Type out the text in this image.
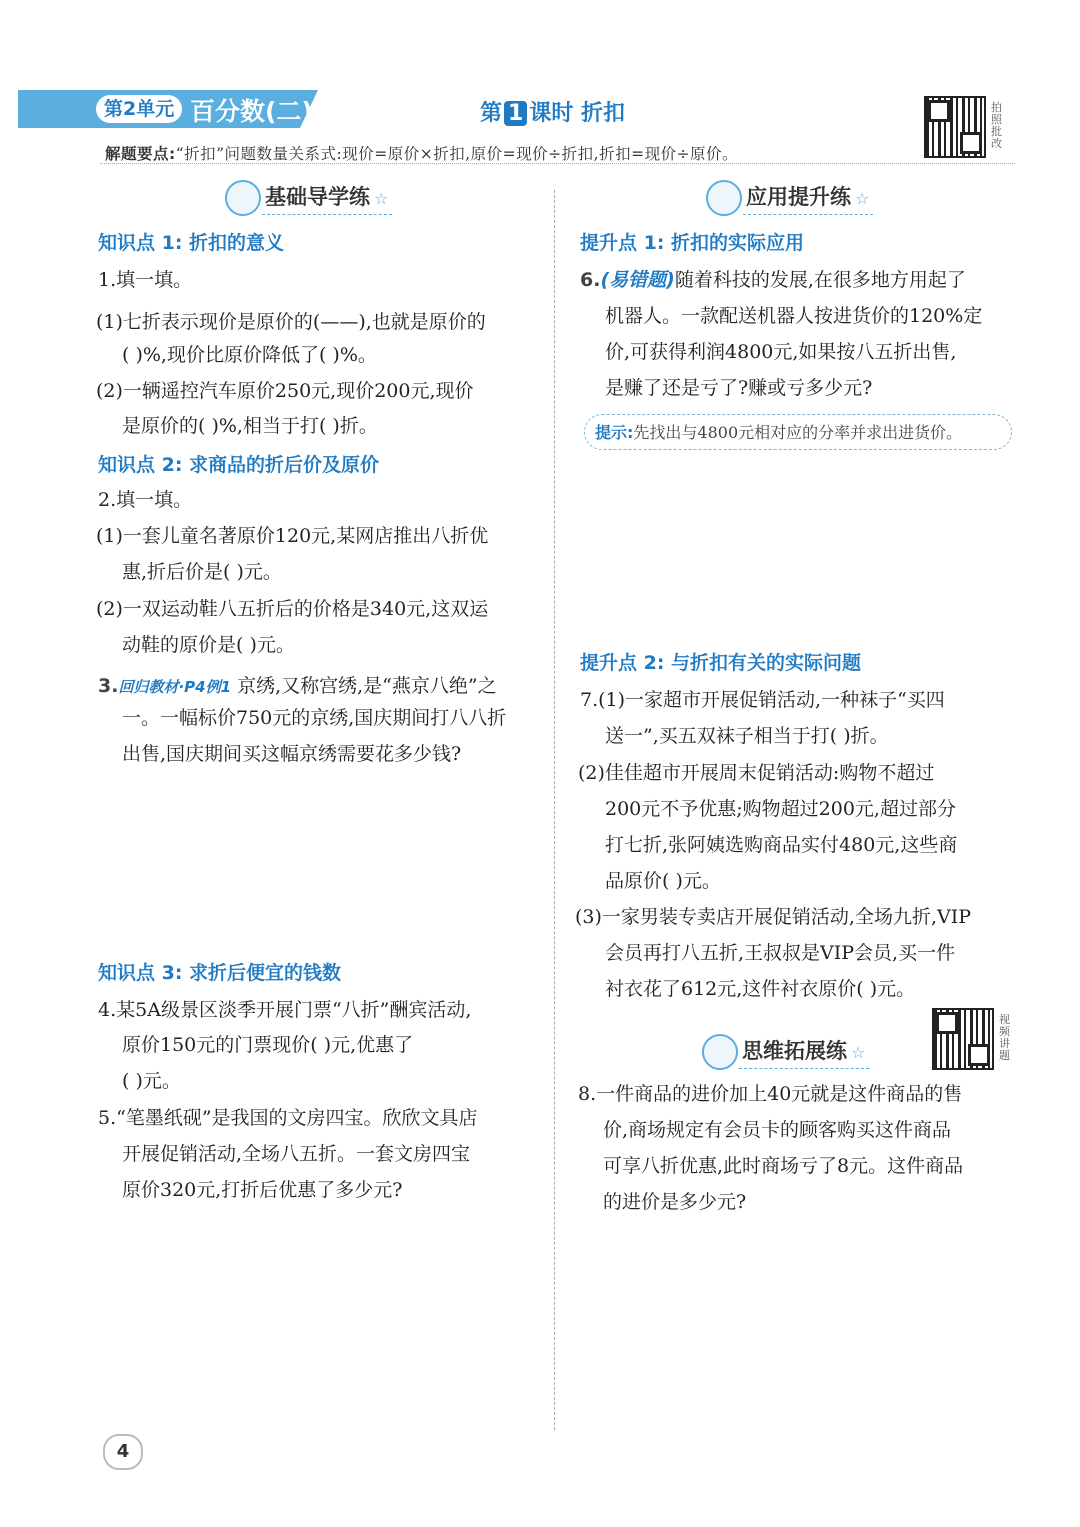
第2单元 百分数(二)	第 1 课时 折扣	拍照批改
解题要点:“折扣”问题数量关系式:现价=原价×折扣,原价=现价÷折扣,折扣=现价÷原价。
基础导学练 ☆
知识点 1: 折扣的意义
1.填一填。
(1)七折表示现价是原价的(——),也就是原价的
( )%,现价比原价降低了( )%。
(2)一辆遥控汽车原价250元,现价200元,现价
是原价的( )%,相当于打( )折。
知识点 2: 求商品的折后价及原价
2.填一填。
(1)一套儿童名著原价120元,某网店推出八折优
惠,折后价是( )元。
(2)一双运动鞋八五折后的价格是340元,这双运
动鞋的原价是( )元。
3.回归教材·P4例1 京绣,又称宫绣,是“燕京八绝”之
一。一幅标价750元的京绣,国庆期间打八八折
出售,国庆期间买这幅京绣需要花多少钱?
知识点 3: 求折后便宜的钱数
4.某5A级景区淡季开展门票“八折”酬宾活动,
原价150元的门票现价( )元,优惠了
( )元。
5.“笔墨纸砚”是我国的文房四宝。欣欣文具店
开展促销活动,全场八五折。一套文房四宝
原价320元,打折后优惠了多少元?
应用提升练 ☆
提升点 1: 折扣的实际应用
6.(易错题)随着科技的发展,在很多地方用起了
机器人。一款配送机器人按进货价的120%定
价,可获得利润4800元,如果按八五折出售,
是赚了还是亏了?赚或亏多少元?
提示:先找出与4800元相对应的分率并求出进货价。
提升点 2: 与折扣有关的实际问题
7.(1)一家超市开展促销活动,一种袜子“买四
送一”,买五双袜子相当于打( )折。
(2)佳佳超市开展周末促销活动:购物不超过
200元不予优惠;购物超过200元,超过部分
打七折,张阿姨选购商品实付480元,这些商
品原价( )元。
(3)一家男装专卖店开展促销活动,全场九折,VIP
会员再打八五折,王叔叔是VIP会员,买一件
衬衣花了612元,这件衬衣原价( )元。
视频讲题
思维拓展练 ☆
8.一件商品的进价加上40元就是这件商品的售
价,商场规定有会员卡的顾客购买这件商品
可享八折优惠,此时商场亏了8元。这件商品
的进价是多少元?
4
